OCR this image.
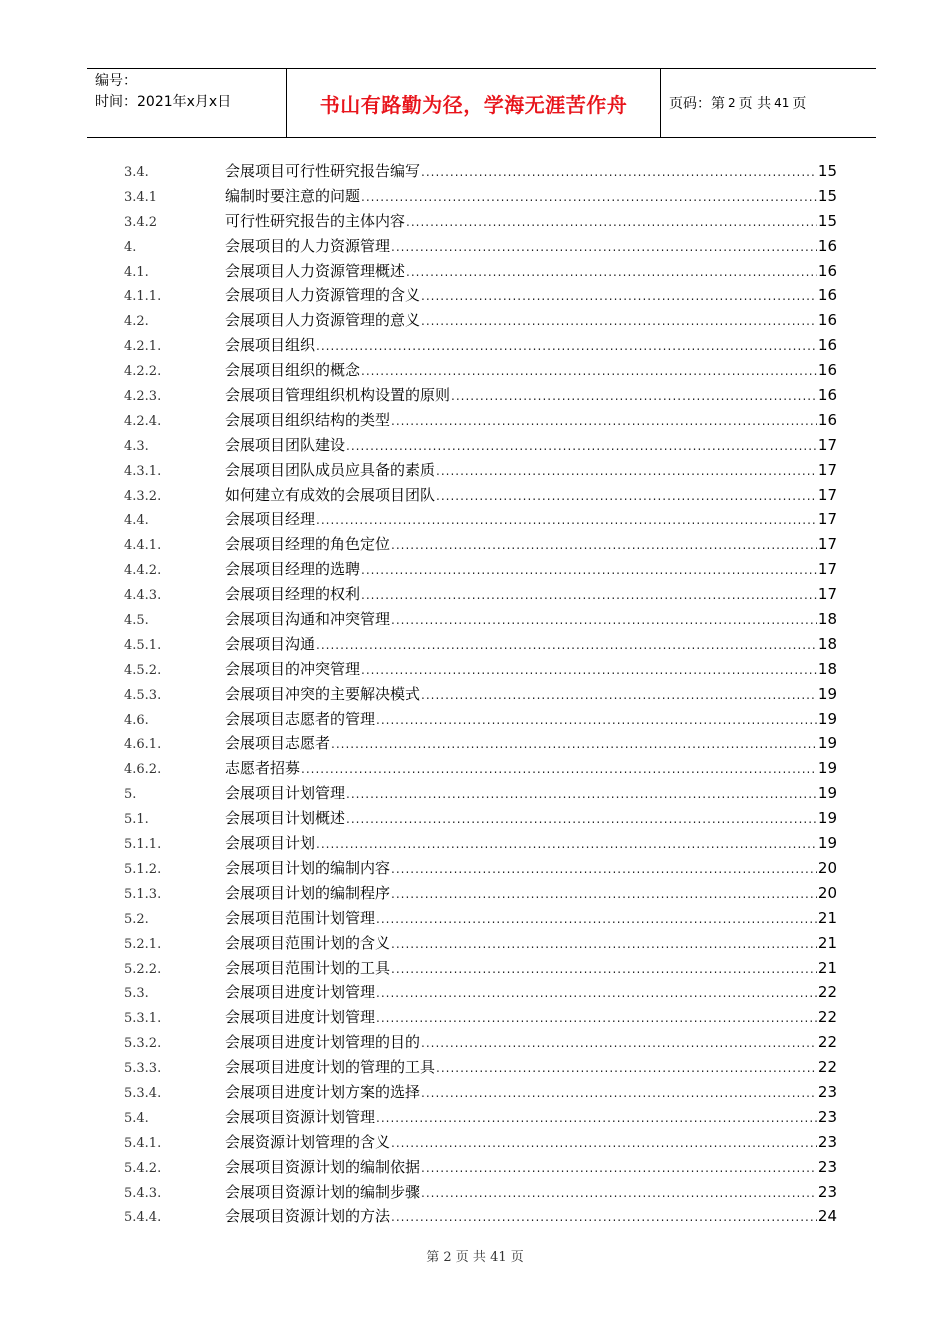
编号：
时间：2021年x月x日	书山有路勤为径，学海无涯苦作舟	页码：第 2 页 共 41 页
3.4.	会展项目可行性研究报告编写 .....	15
3.4.1	编制时要注意的问题 .....	15
3.4.2	可行性研究报告的主体内容 .....	15
4.	会展项目的人力资源管理 .....	16
4.1.	会展项目人力资源管理概述 .....	16
4.1.1.	会展项目人力资源管理的含义 .....	16
4.2.	会展项目人力资源管理的意义 .....	16
4.2.1.	会展项目组织 .....	16
4.2.2.	会展项目组织的概念 .....	16
4.2.3.	会展项目管理组织机构设置的原则 .....	16
4.2.4.	会展项目组织结构的类型 .....	16
4.3.	会展项目团队建设 .....	17
4.3.1.	会展项目团队成员应具备的素质 .....	17
4.3.2.	如何建立有成效的会展项目团队 .....	17
4.4.	会展项目经理 .....	17
4.4.1.	会展项目经理的角色定位 .....	17
4.4.2.	会展项目经理的选聘 .....	17
4.4.3.	会展项目经理的权利 .....	17
4.5.	会展项目沟通和冲突管理 .....	18
4.5.1.	会展项目沟通 .....	18
4.5.2.	会展项目的冲突管理 .....	18
4.5.3.	会展项目冲突的主要解决模式 .....	19
4.6.	会展项目志愿者的管理 .....	19
4.6.1.	会展项目志愿者 .....	19
4.6.2.	志愿者招募 .....	19
5.	会展项目计划管理 .....	19
5.1.	会展项目计划概述 .....	19
5.1.1.	会展项目计划 .....	19
5.1.2.	会展项目计划的编制内容 .....	20
5.1.3.	会展项目计划的编制程序 .....	20
5.2.	会展项目范围计划管理 .....	21
5.2.1.	会展项目范围计划的含义 .....	21
5.2.2.	会展项目范围计划的工具 .....	21
5.3.	会展项目进度计划管理 .....	22
5.3.1.	会展项目进度计划管理 .....	22
5.3.2.	会展项目进度计划管理的目的 .....	22
5.3.3.	会展项目进度计划的管理的工具 .....	22
5.3.4.	会展项目进度计划方案的选择 .....	23
5.4.	会展项目资源计划管理 .....	23
5.4.1.	会展资源计划管理的含义 .....	23
5.4.2.	会展项目资源计划的编制依据 .....	23
5.4.3.	会展项目资源计划的编制步骤 .....	23
5.4.4.	会展项目资源计划的方法 .....	24
第 2 页 共 41 页
